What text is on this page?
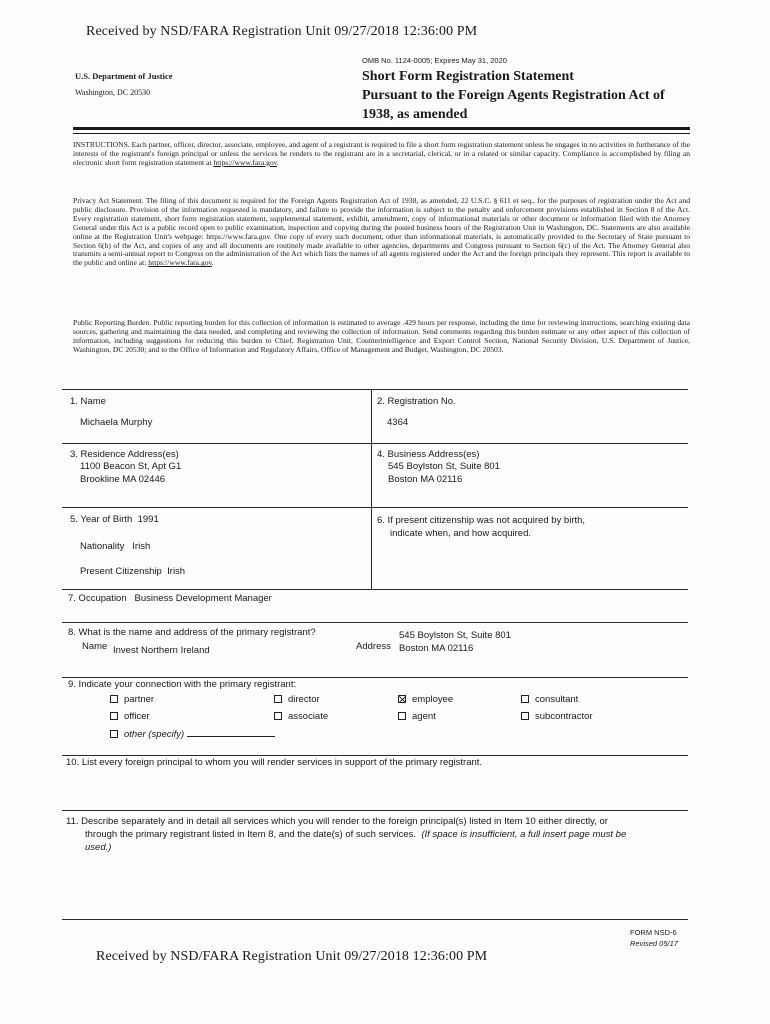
Received by NSD/FARA Registration Unit 09/27/2018 12:36:00 PM
U.S. Department of Justice
Washington, DC 20530
OMB No. 1124-0005; Expires May 31, 2020
Short Form Registration Statement
Pursuant to the Foreign Agents Registration Act of
1938, as amended
INSTRUCTIONS. Each partner, officer, director, associate, employee, and agent of a registrant is required to file a short form registration statement unless he engages in no activities in furtherance of the interests of the registrant's foreign principal or unless the services he renders to the registrant are in a secretarial, clerical, or in a related or similar capacity. Compliance is accomplished by filing an electronic short form registration statement at https://www.fara.gov.
Privacy Act Statement. The filing of this document is required for the Foreign Agents Registration Act of 1938, as amended, 22 U.S.C. § 611 et seq., for the purposes of registration under the Act and public disclosure. Provision of the information requested is mandatory, and failure to provide the information is subject to the penalty and enforcement provisions established in Section 8 of the Act. Every registration statement, short form registration statement, supplemental statement, exhibit, amendment, copy of informational materials or other document or information filed with the Attorney General under this Act is a public record open to public examination, inspection and copying during the posted business hours of the Registration Unit in Washington, DC. Statements are also available online at the Registration Unit's webpage: https://www.fara.gov. One copy of every such document, other than informational materials, is automatically provided to the Secretary of State pursuant to Section 6(b) of the Act, and copies of any and all documents are routinely made available to other agencies, departments and Congress pursuant to Section 6(c) of the Act. The Attorney General also transmits a semi-annual report to Congress on the administration of the Act which lists the names of all agents registered under the Act and the foreign principals they represent. This report is available to the public and online at: https://www.fara.gov.
Public Reporting Burden. Public reporting burden for this collection of information is estimated to average .429 hours per response, including the time for reviewing instructions, searching existing data sources, gathering and maintaining the data needed, and completing and reviewing the collection of information. Send comments regarding this burden estimate or any other aspect of this collection of information, including suggestions for reducing this burden to Chief, Registration Unit, Counterintelligence and Export Control Section, National Security Division, U.S. Department of Justice, Washington, DC 20530; and to the Office of Information and Regulatory Affairs, Office of Management and Budget, Washington, DC 20503.
1. Name
Michaela Murphy
2. Registration No.
4364
3. Residence Address(es)
1100 Beacon St, Apt G1
Brookline MA 02446
4. Business Address(es)
545 Boylston St, Suite 801
Boston MA 02116
5. Year of Birth 1991
Nationality Irish
Present Citizenship Irish
6. If present citizenship was not acquired by birth,
indicate when, and how acquired.
7. Occupation Business Development Manager
8. What is the name and address of the primary registrant?
Name Invest Northern Ireland	Address
545 Boylston St, Suite 801
Boston MA 02116
9. Indicate your connection with the primary registrant:
partner
officer
other (specify)
director
associate
employee
agent
consultant
subcontractor
10. List every foreign principal to whom you will render services in support of the primary registrant.
11. Describe separately and in detail all services which you will render to the foreign principal(s) listed in Item 10 either directly, or
through the primary registrant listed in Item 8, and the date(s) of such services. (If space is insufficient, a full insert page must be
used.)
FORM NSD-6
Revised 05/17
Received by NSD/FARA Registration Unit 09/27/2018 12:36:00 PM
